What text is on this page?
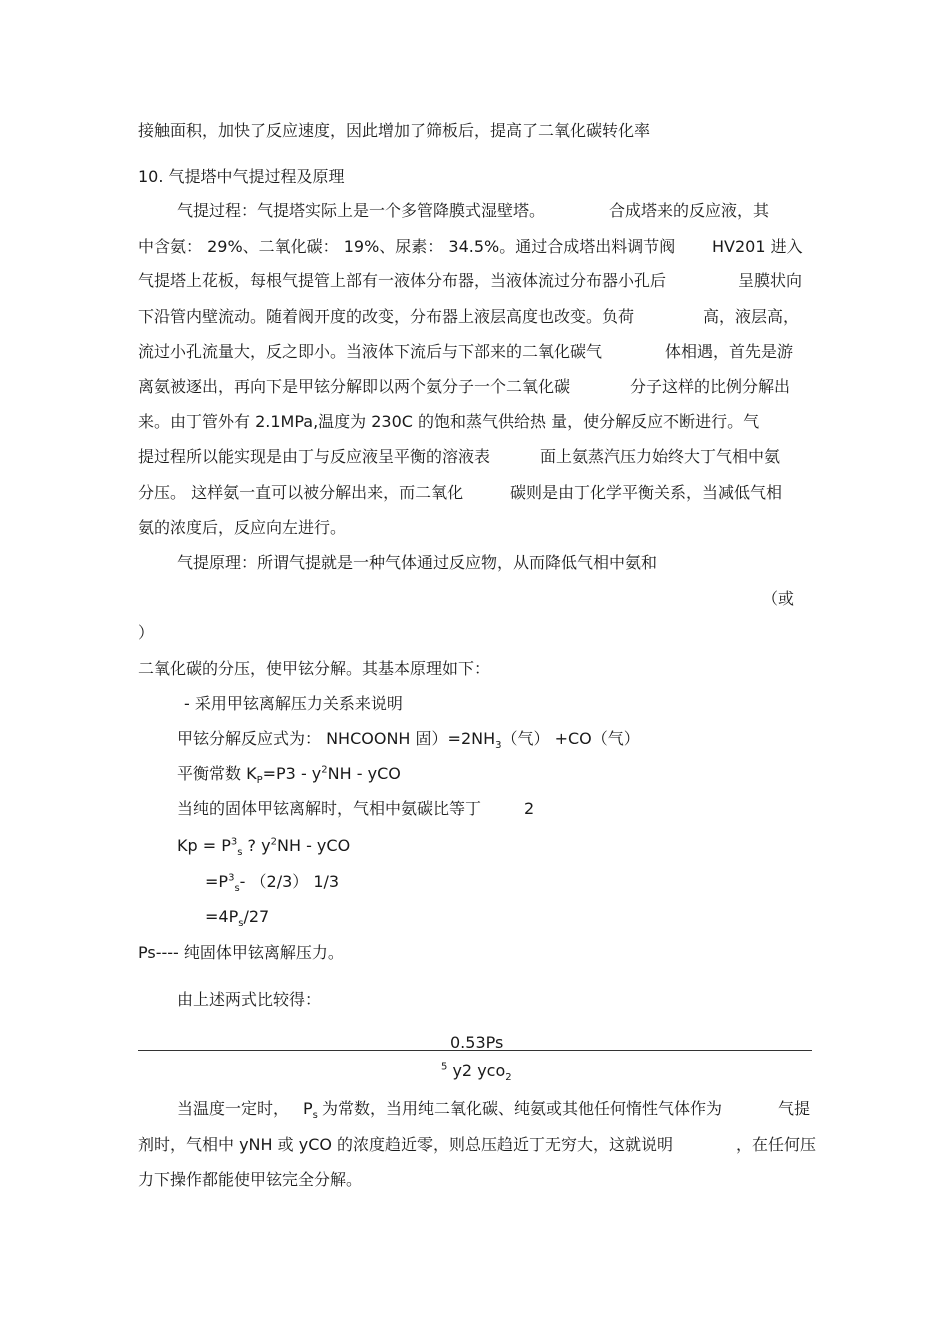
接触面积，加快了反应速度，因此增加了筛板后，提高了二氧化碳转化率
10. 气提塔中气提过程及原理
气提过程：气提塔实际上是一个多管降膜式湿壁塔。	合成塔来的反应液，其
中含氨： 29%、二氧化碳： 19%、尿素： 34.5%。通过合成塔出料调节阀 HV201 进入
气提塔上花板，每根气提管上部有一液体分布器，当液体流过分布器小孔后	呈膜状向
下沿管内壁流动。随着阀开度的改变，分布器上液层高度也改变。负荷	高，液层高，
流过小孔流量大，反之即小。当液体下流后与下部来的二氧化碳气	体相遇，首先是游
离氨被逐出，再向下是甲铉分解即以两个氨分子一个二氧化碳	分子这样的比例分解出
来。由丁管外有 2.1MPa,温度为 230C 的饱和蒸气供给热 量，使分解反应不断进行。气
提过程所以能实现是由丁与反应液呈平衡的溶液表	面上氨蒸汽压力始终大丁气相中氨
分压。 这样氨一直可以被分解出来，而二氧化	碳则是由丁化学平衡关系，当减低气相
氨的浓度后，反应向左进行。
气提原理：所谓气提就是一种气体通过反应物，从而降低气相中氨和
（或
）
二氧化碳的分压，使甲铉分解。其基本原理如下：
- 采用甲铉离解压力关系来说明
甲铉分解反应式为： NHCOONH 固）$=2NH_3$（气） +CO（气）
平衡常数 $K_P=P3 - y^2NH$ - yCO
当纯的固体甲铉离解时，气相中氨碳比等丁	2
$Kp = P^3_s$ ? $y^2NH$ - yCO
$=P^3_s-$ （2/3） 1/3
$=4P_s/27$
Ps---- 纯固体甲铉离解压力。
由上述两式比较得：
0.53Ps
$^5$ y2 yco$_2$
当温度一定时， $P_s$ 为常数，当用纯二氧化碳、纯氨或其他任何惰性气体作为	气提
剂时，气相中 yNH 或 yCO 的浓度趋近零，则总压趋近丁无穷大，这就说明	，在任何压
力下操作都能使甲铉完全分解。
